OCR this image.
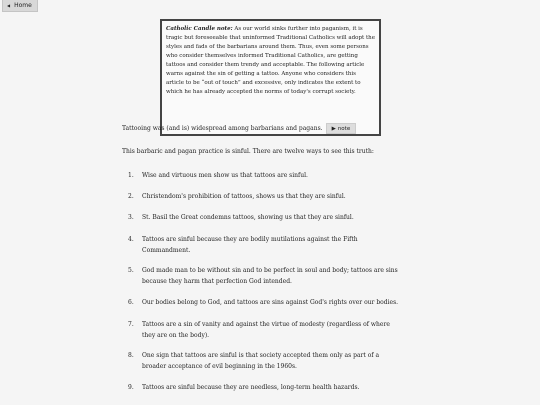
◀ Home
Catholic Candle note: As our world sinks further into paganism, it is tragic but foreseeable that uninformed Traditional Catholics will adopt the styles and fads of the barbarians around them. Thus, even some persons who consider themselves informed Traditional Catholics, are getting tattoos and consider them trendy and acceptable. The following article warns against the sin of getting a tattoo. Anyone who considers this article to be “out of touch” and excessive, only indicates the extent to which he has already accepted the norms of today's corrupt society.
Tattooing was (and is) widespread among barbarians and pagans. ▶ note
This barbaric and pagan practice is sinful. There are twelve ways to see this truth:
1.	Wise and virtuous men show us that tattoos are sinful.
2.	Christendom's prohibition of tattoos, shows us that they are sinful.
3.	St. Basil the Great condemns tattoos, showing us that they are sinful.
4.	Tattoos are sinful because they are bodily mutilations against the Fifth Commandment.
5.	God made man to be without sin and to be perfect in soul and body; tattoos are sins because they harm that perfection God intended.
6.	Our bodies belong to God, and tattoos are sins against God's rights over our bodies.
7.	Tattoos are a sin of vanity and against the virtue of modesty (regardless of where they are on the body).
8.	One sign that tattoos are sinful is that society accepted them only as part of a broader acceptance of evil beginning in the 1960s.
9.	Tattoos are sinful because they are needless, long-term health hazards.
